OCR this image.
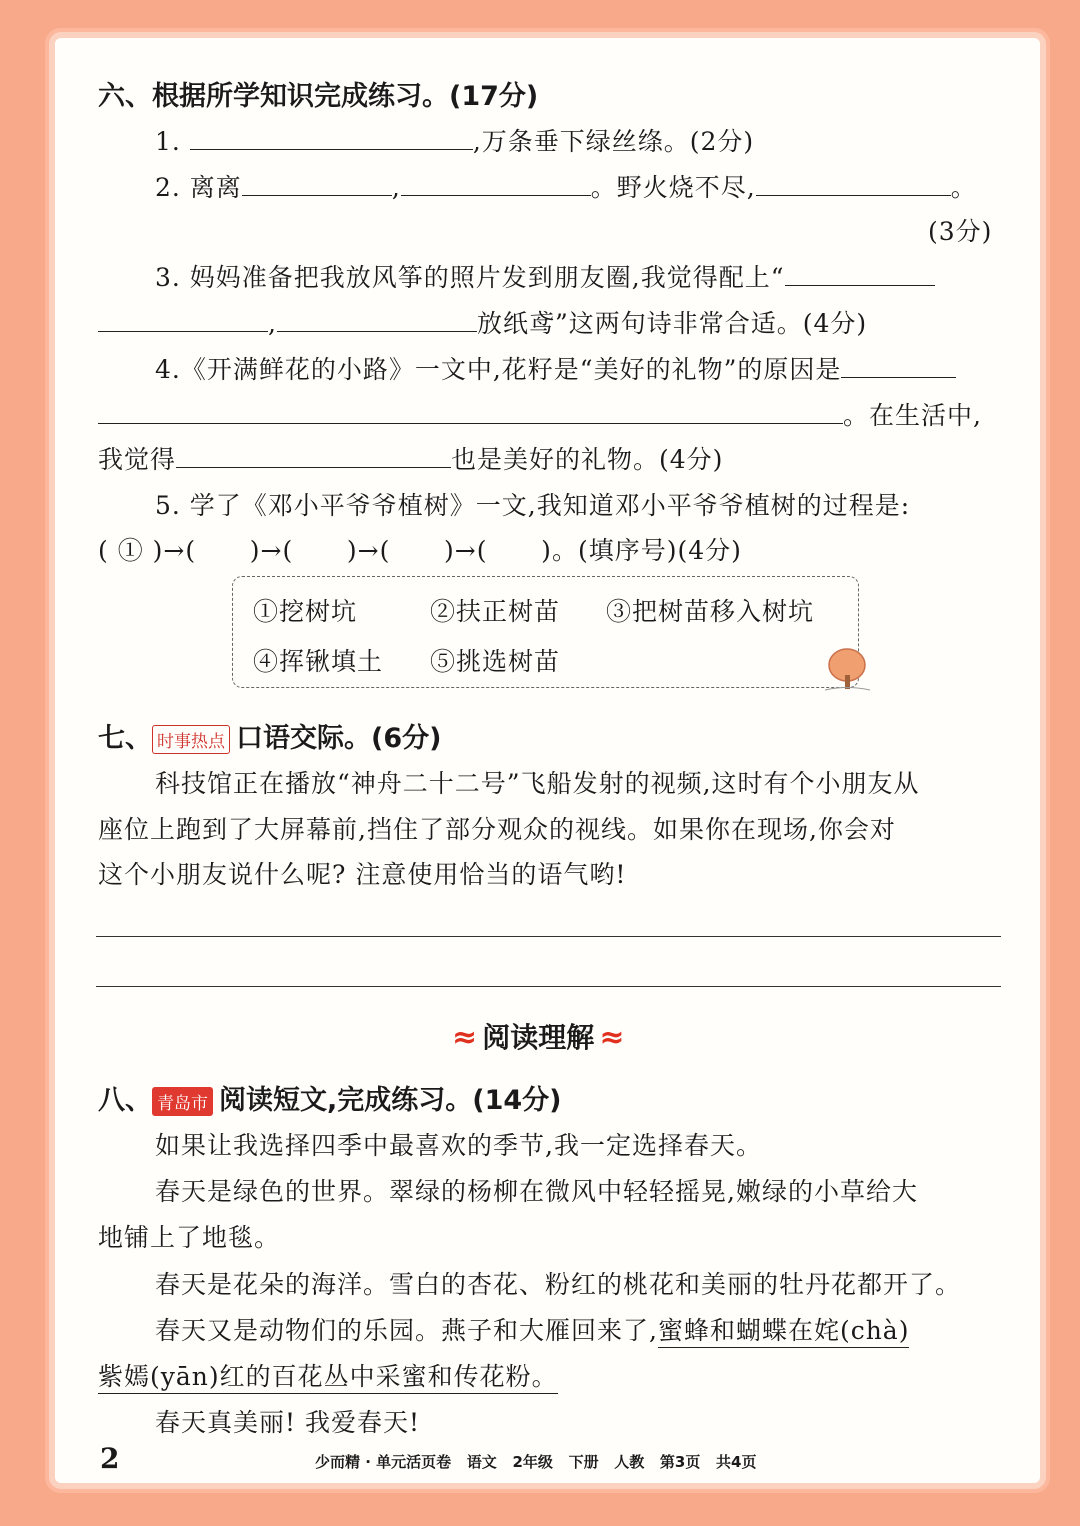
六、根据所学知识完成练习。(17分)
1.	,万条垂下绿丝绦。(2分)
2. 离离	,	。野火烧不尽,	。
(3分)
3. 妈妈准备把我放风筝的照片发到朋友圈,我觉得配上“
,	放纸鸢”这两句诗非常合适。(4分)
4.《开满鲜花的小路》一文中,花籽是“美好的礼物”的原因是
。在生活中,
我觉得	也是美好的礼物。(4分)
5. 学了《邓小平爷爷植树》一文,我知道邓小平爷爷植树的过程是:
( ① )→(      )→(      )→(      )→(      )。(填序号)(4分)
①挖树坑	②扶正树苗 ③把树苗移入树坑
④挥锹填土 ⑤挑选树苗
七、 时事热点 口语交际。(6分)
科技馆正在播放“神舟二十二号”飞船发射的视频,这时有个小朋友从
座位上跑到了大屏幕前,挡住了部分观众的视线。如果你在现场,你会对
这个小朋友说什么呢? 注意使用恰当的语气哟!
≈ 阅读理解 ≈
八、 青岛市 阅读短文,完成练习。(14分)
如果让我选择四季中最喜欢的季节,我一定选择春天。
春天是绿色的世界。翠绿的杨柳在微风中轻轻摇晃,嫩绿的小草给大
地铺上了地毯。
春天是花朵的海洋。雪白的杏花、粉红的桃花和美丽的牡丹花都开了。
春天又是动物们的乐园。燕子和大雁回来了,蜜蜂和蝴蝶在姹(chà)
紫嫣(yān)红的百花丛中采蜜和传花粉。
春天真美丽! 我爱春天!
2	少而精 · 单元活页卷   语文   2年级   下册   人教   第3页   共4页
